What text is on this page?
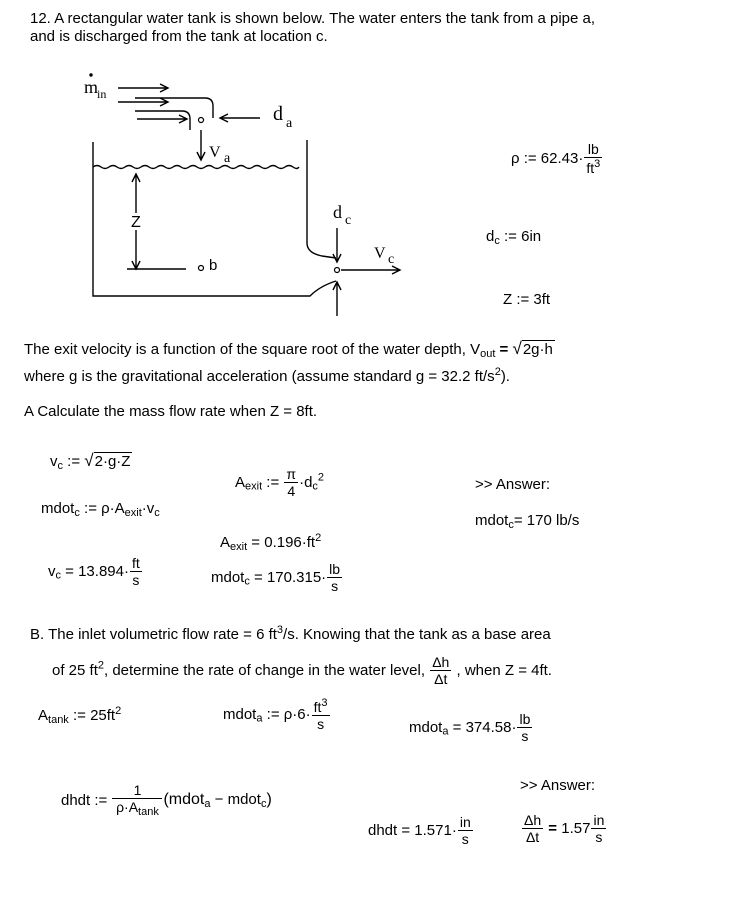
12. A rectangular water tank is shown below. The water enters the tank from a pipe a,
and is discharged from the tank at location c.
m
in
d a
V a
Z
b
d c
V c
ρ := $62.43\cdot \frac{lb}{ft^3}$
$d_c$ := 6in
Z := 3ft
The exit velocity is a function of the square root of the water depth, $V_{out} = √2g\cdot h$
where g is the gravitational acceleration (assume standard g = 32.2 $ft/s^2$).
A Calculate the mass flow rate when Z = 8ft.
$v_c$ := √2·g·Z
$A_{exit}$ := $\frac{\pi}{4} \cdot d_c^2$	>> Answer:
mdot$_c$ := $\rho\cdot A_{exit}\cdot v_c$	mdot$_c$= 170 lb/s
$A_{exit} = 0.196\cdot ft^2$
$v_c = 13.894\cdot \frac{ft}{s}$	mdot$_c$ = $170.315\cdot \frac{lb}{s}$
B. The inlet volumetric flow rate = 6 $ft^3/s$. Knowing that the tank as a base area
of 25 $ft^2$, determine the rate of change in the water level, $\frac{\Delta h}{\Delta t}$ , when Z = 4ft.
$A_{tank}$ := $25ft^2$	mdot$_a$ := $\rho\cdot 6\cdot \frac{ft^3}{s}$	mdot$_a$ = $374.58\cdot \frac{lb}{s}$
>> Answer:
dhdt := $\frac{1}{\rho\cdot A_{tank}}$ (mdot$_a$ − mdot$_c$)
dhdt = $1.571\cdot \frac{in}{s}$	$\frac{\Delta h}{\Delta t} = 1.57 \frac{in}{s}$
